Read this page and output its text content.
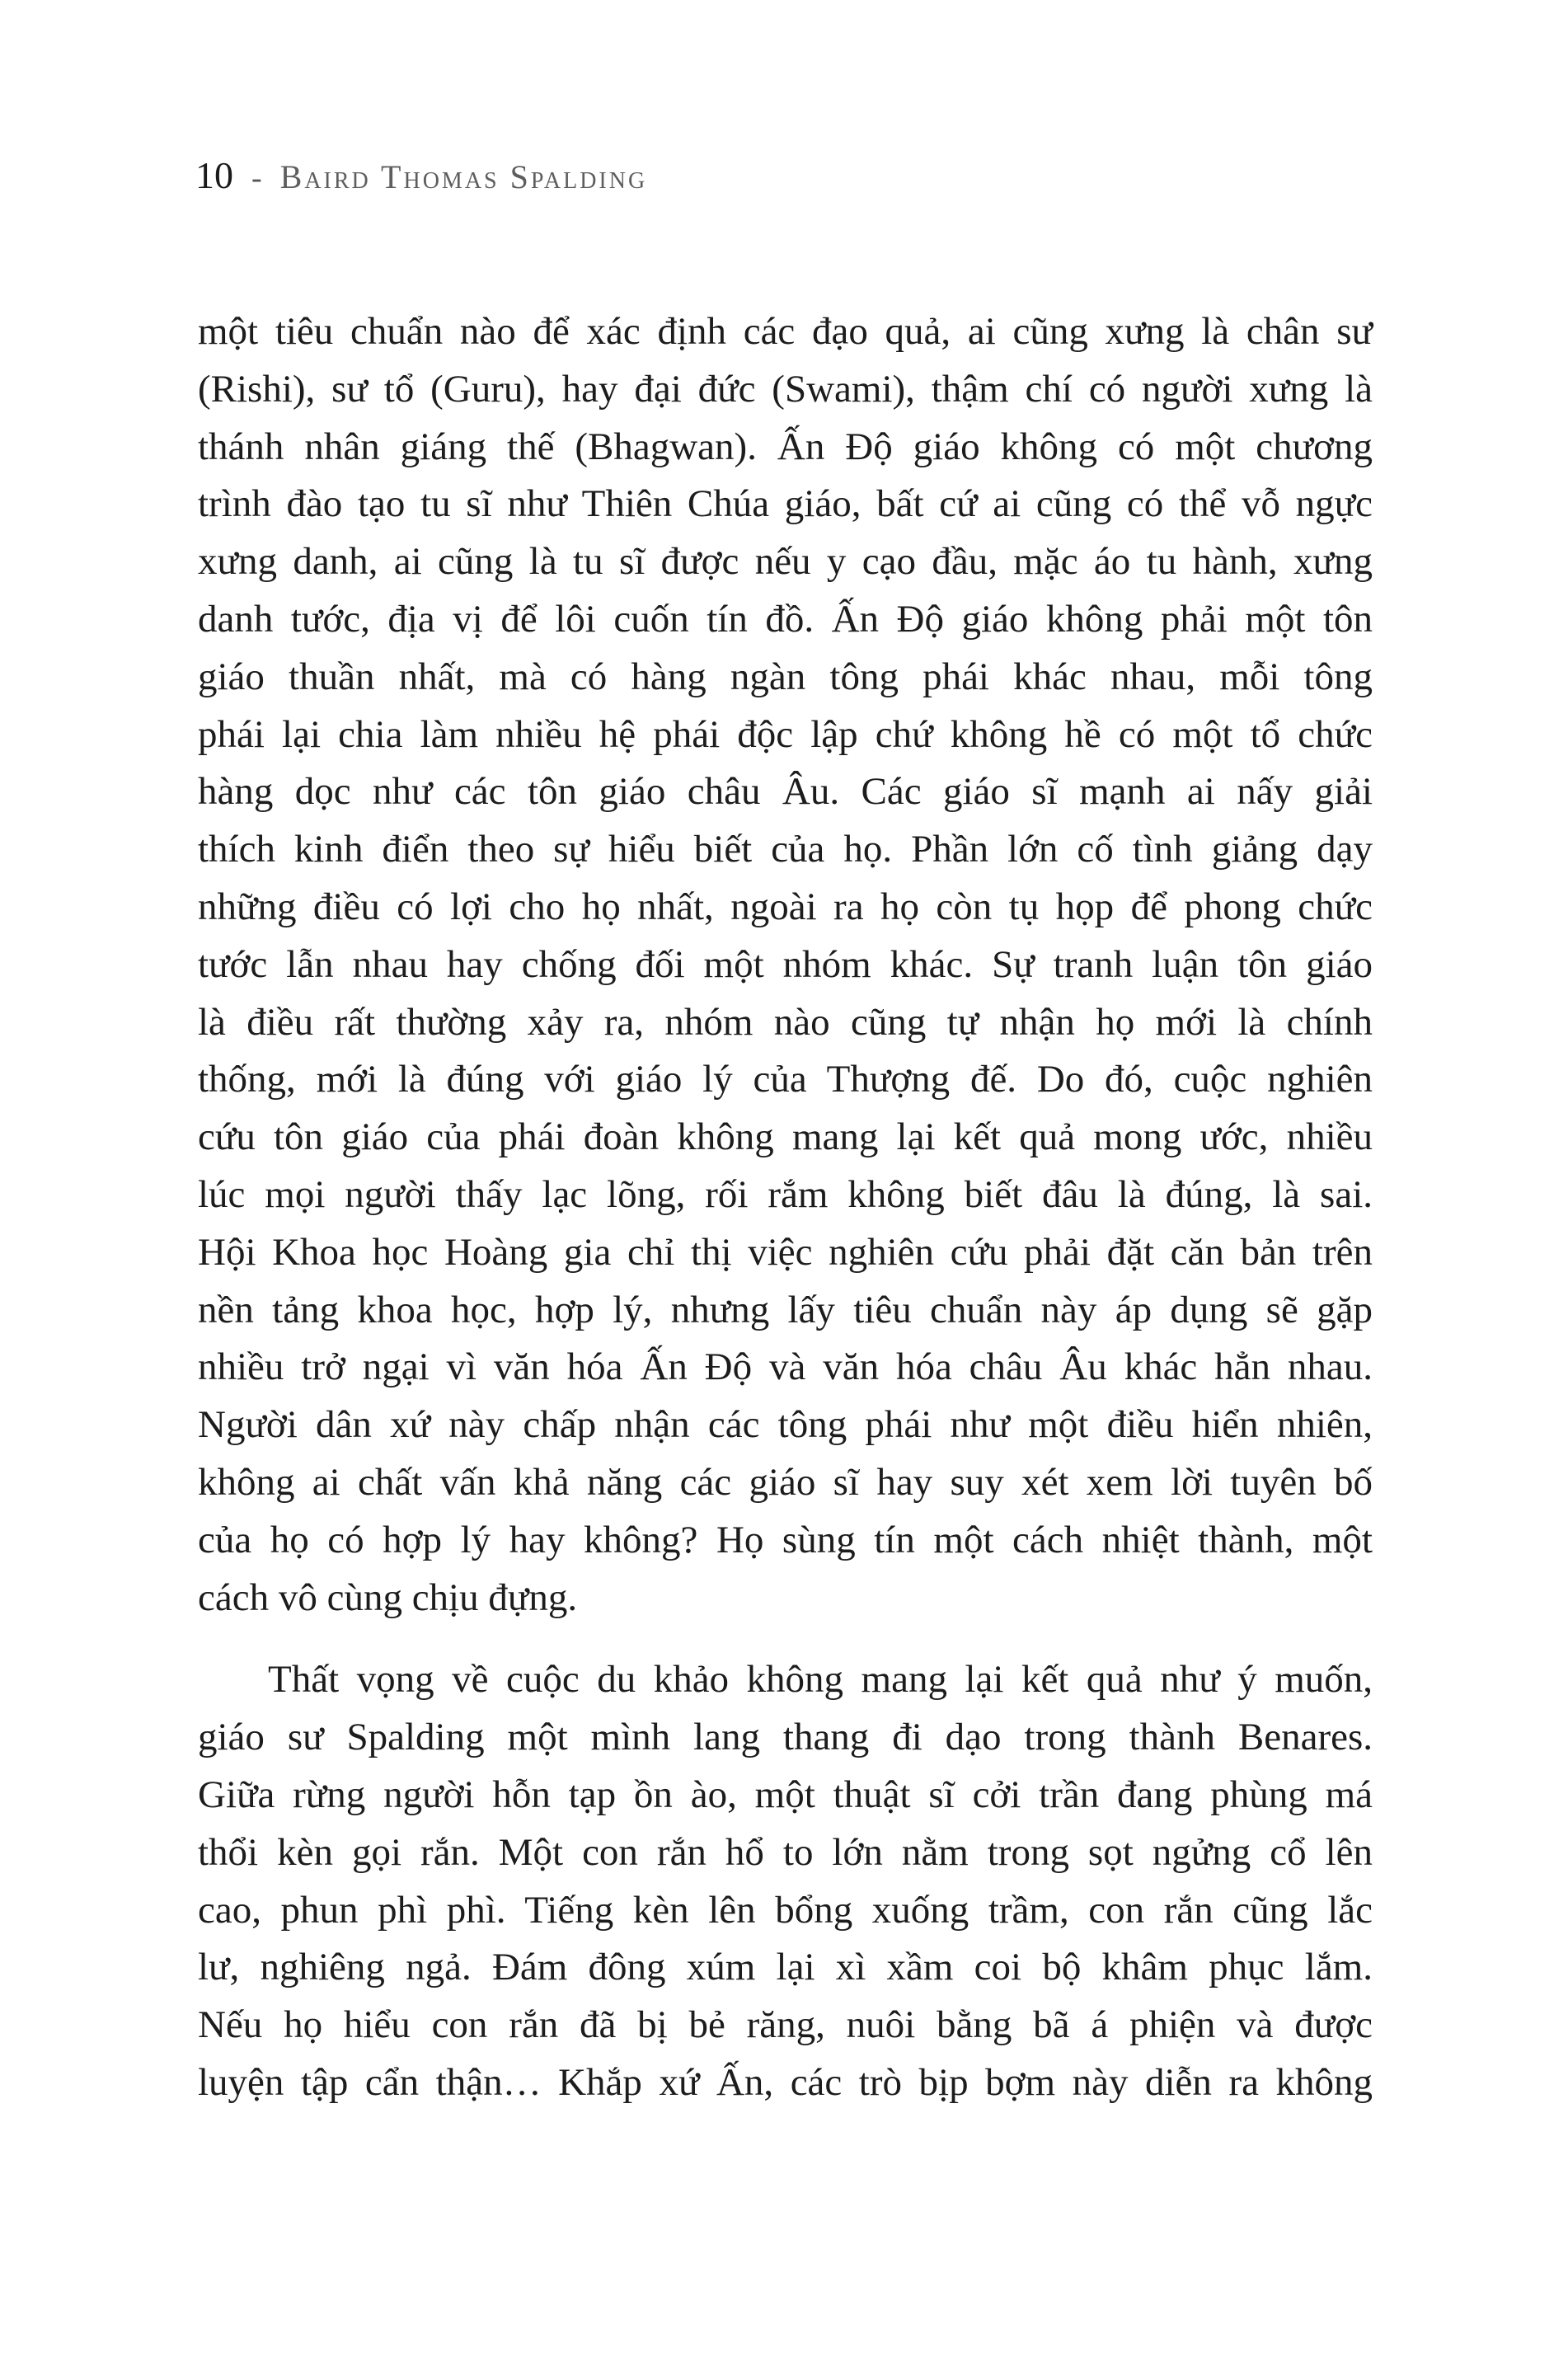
10 - Baird Thomas Spalding
một tiêu chuẩn nào để xác định các đạo quả, ai cũng xưng là chân sư
(Rishi), sư tổ (Guru), hay đại đức (Swami), thậm chí có người xưng là
thánh nhân giáng thế (Bhagwan). Ấn Độ giáo không có một chương
trình đào tạo tu sĩ như Thiên Chúa giáo, bất cứ ai cũng có thể vỗ ngực
xưng danh, ai cũng là tu sĩ được nếu y cạo đầu, mặc áo tu hành, xưng
danh tước, địa vị để lôi cuốn tín đồ. Ấn Độ giáo không phải một tôn
giáo thuần nhất, mà có hàng ngàn tông phái khác nhau, mỗi tông
phái lại chia làm nhiều hệ phái độc lập chứ không hề có một tổ chức
hàng dọc như các tôn giáo châu Âu. Các giáo sĩ mạnh ai nấy giải
thích kinh điển theo sự hiểu biết của họ. Phần lớn cố tình giảng dạy
những điều có lợi cho họ nhất, ngoài ra họ còn tụ họp để phong chức
tước lẫn nhau hay chống đối một nhóm khác. Sự tranh luận tôn giáo
là điều rất thường xảy ra, nhóm nào cũng tự nhận họ mới là chính
thống, mới là đúng với giáo lý của Thượng đế. Do đó, cuộc nghiên
cứu tôn giáo của phái đoàn không mang lại kết quả mong ước, nhiều
lúc mọi người thấy lạc lõng, rối rắm không biết đâu là đúng, là sai.
Hội Khoa học Hoàng gia chỉ thị việc nghiên cứu phải đặt căn bản trên
nền tảng khoa học, hợp lý, nhưng lấy tiêu chuẩn này áp dụng sẽ gặp
nhiều trở ngại vì văn hóa Ấn Độ và văn hóa châu Âu khác hẳn nhau.
Người dân xứ này chấp nhận các tông phái như một điều hiển nhiên,
không ai chất vấn khả năng các giáo sĩ hay suy xét xem lời tuyên bố
của họ có hợp lý hay không? Họ sùng tín một cách nhiệt thành, một
cách vô cùng chịu đựng.
Thất vọng về cuộc du khảo không mang lại kết quả như ý muốn,
giáo sư Spalding một mình lang thang đi dạo trong thành Benares.
Giữa rừng người hỗn tạp ồn ào, một thuật sĩ cởi trần đang phùng má
thổi kèn gọi rắn. Một con rắn hổ to lớn nằm trong sọt ngửng cổ lên
cao, phun phì phì. Tiếng kèn lên bổng xuống trầm, con rắn cũng lắc
lư, nghiêng ngả. Đám đông xúm lại xì xầm coi bộ khâm phục lắm.
Nếu họ hiểu con rắn đã bị bẻ răng, nuôi bằng bã á phiện và được
luyện tập cẩn thận… Khắp xứ Ấn, các trò bịp bợm này diễn ra không
